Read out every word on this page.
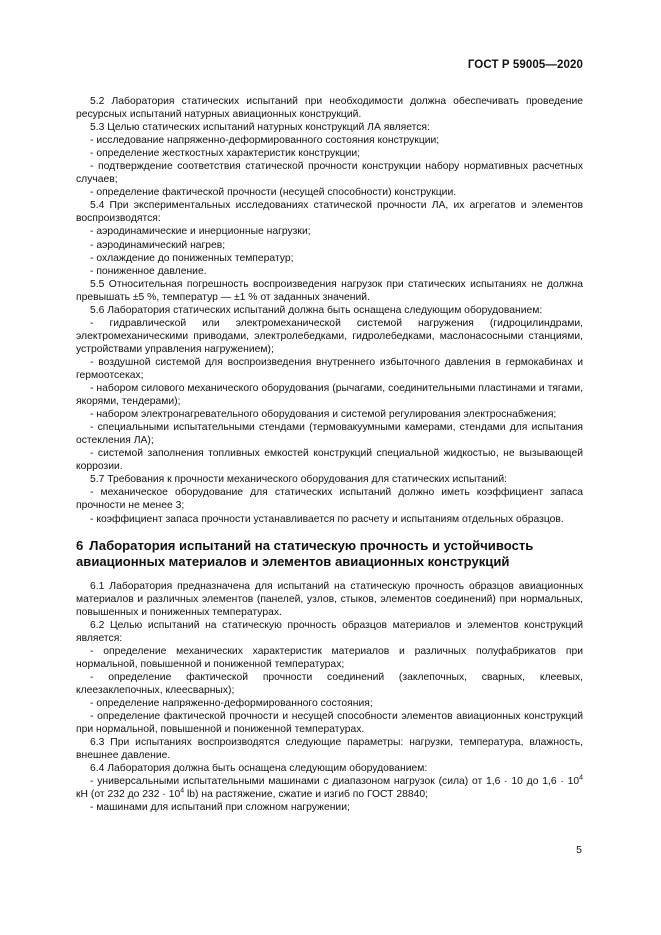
ГОСТ Р 59005—2020

5.2 Лаборатория статических испытаний при необходимости должна обеспечивать проведение ресурсных испытаний натурных авиационных конструкций.

5.3 Целью статических испытаний натурных конструкций ЛА является:

- исследование напряженно-деформированного состояния конструкции;

- определение жесткостных характеристик конструкции;

- подтверждение соответствия статической прочности конструкции набору нормативных расчетных случаев;

- определение фактической прочности (несущей способности) конструкции.

5.4 При экспериментальных исследованиях статической прочности ЛА, их агрегатов и элементов воспроизводятся:

- аэродинамические и инерционные нагрузки;

- аэродинамический нагрев;

- охлаждение до пониженных температур;

- пониженное давление.

5.5 Относительная погрешность воспроизведения нагрузок при статических испытаниях не должна превышать ±5 %, температур — ±1 % от заданных значений.

5.6 Лаборатория статических испытаний должна быть оснащена следующим оборудованием:

- гидравлической или электромеханической системой нагружения (гидроцилиндрами, электромеханическими приводами, электролебедками, гидролебедками, маслонасосными станциями, устройствами управления нагружением);

- воздушной системой для воспроизведения внутреннего избыточного давления в гермокабинах и гермоотсеках;

- набором силового механического оборудования (рычагами, соединительными пластинами и тягами, якорями, тендерами);

- набором электронагревательного оборудования и системой регулирования электроснабжения;

- специальными испытательными стендами (термовакуумными камерами, стендами для испытания остекления ЛА);

- системой заполнения топливных емкостей конструкций специальной жидкостью, не вызывающей коррозии.

5.7 Требования к прочности механического оборудования для статических испытаний:

- механическое оборудование для статических испытаний должно иметь коэффициент запаса прочности не менее 3;

- коэффициент запаса прочности устанавливается по расчету и испытаниям отдельных образцов.

6 Лаборатория испытаний на статическую прочность и устойчивость авиационных материалов и элементов авиационных конструкций

6.1 Лаборатория предназначена для испытаний на статическую прочность образцов авиационных материалов и различных элементов (панелей, узлов, стыков, элементов соединений) при нормальных, повышенных и пониженных температурах.

6.2 Целью испытаний на статическую прочность образцов материалов и элементов конструкций является:

- определение механических характеристик материалов и различных полуфабрикатов при нормальной, повышенной и пониженной температурах;

- определение фактической прочности соединений (заклепочных, сварных, клеевых, клеезаклепочных, клеесварных);

- определение напряженно-деформированного состояния;

- определение фактической прочности и несущей способности элементов авиационных конструкций при нормальной, повышенной и пониженной температурах.

6.3 При испытаниях воспроизводятся следующие параметры: нагрузки, температура, влажность, внешнее давление.

6.4 Лаборатория должна быть оснащена следующим оборудованием:

- универсальными испытательными машинами с диапазоном нагрузок (сила) от 1,6 · 10 до $1,6 \cdot 10^4$ кН (от 232 до $232 \cdot 10^4$ lb) на растяжение, сжатие и изгиб по ГОСТ 28840;

- машинами для испытаний при сложном нагружении;

5
